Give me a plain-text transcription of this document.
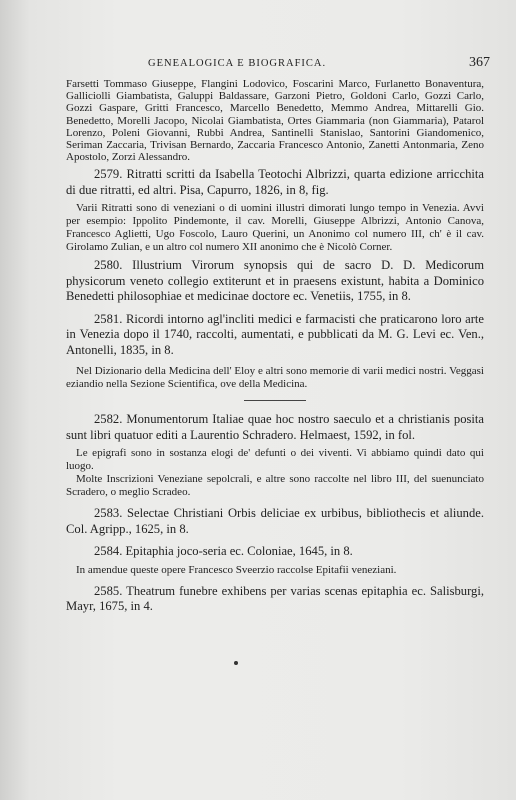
GENEALOGICA E BIOGRAFICA.	367

Farsetti Tommaso Giuseppe, Flangini Lodovico, Foscarini Marco, Furlanetto Bonaventura, Galliciolli Giambatista, Galuppi Baldassare, Garzoni Pietro, Goldoni Carlo, Gozzi Carlo, Gozzi Gaspare, Gritti Francesco, Marcello Benedetto, Memmo Andrea, Mittarelli Gio. Benedetto, Morelli Jacopo, Nicolai Giambatista, Ortes Giammaria (non Giammaria), Patarol Lorenzo, Poleni Giovanni, Rubbi Andrea, Santinelli Stanislao, Santorini Giandomenico, Seriman Zaccaria, Trivisan Bernardo, Zaccaria Francesco Antonio, Zanetti Antonmaria, Zeno Apostolo, Zorzi Alessandro.

2579. Ritratti scritti da Isabella Teotochi Albrizzi, quarta edizione arricchita di due ritratti, ed altri. Pisa, Capurro, 1826, in 8, fig.

Varii Ritratti sono di veneziani o di uomini illustri dimorati lungo tempo in Venezia. Avvi per esempio: Ippolito Pindemonte, il cav. Morelli, Giuseppe Albrizzi, Antonio Canova, Francesco Aglietti, Ugo Foscolo, Lauro Querini, un Anonimo col numero III, ch' è il cav. Girolamo Zulian, e un altro col numero XII anonimo che è Nicolò Corner.

2580. Illustrium Virorum synopsis qui de sacro D. D. Medicorum physicorum veneto collegio extiterunt et in praesens existunt, habita a Dominico Benedetti philosophiae et medicinae doctore ec. Venetiis, 1755, in 8.

2581. Ricordi intorno agl'incliti medici e farmacisti che praticarono loro arte in Venezia dopo il 1740, raccolti, aumentati, e pubblicati da M. G. Levi ec. Ven., Antonelli, 1835, in 8.

Nel Dizionario della Medicina dell' Eloy e altri sono memorie di varii medici nostri. Veggasi eziandio nella Sezione Scientifica, ove della Medicina.

2582. Monumentorum Italiae quae hoc nostro saeculo et a christianis posita sunt libri quatuor editi a Laurentio Schradero. Helmaest, 1592, in fol.

Le epigrafi sono in sostanza elogi de' defunti o dei viventi. Vi abbiamo quindi dato qui luogo.

Molte Inscrizioni Veneziane sepolcrali, e altre sono raccolte nel libro III, del suenunciato Scradero, o meglio Scradeo.

2583. Selectae Christiani Orbis deliciae ex urbibus, bibliothecis et aliunde. Col. Agripp., 1625, in 8.

2584. Epitaphia joco-seria ec. Coloniae, 1645, in 8.

In amendue queste opere Francesco Sveerzio raccolse Epitafii veneziani.

2585. Theatrum funebre exhibens per varias scenas epitaphia ec. Salisburgi, Mayr, 1675, in 4.
